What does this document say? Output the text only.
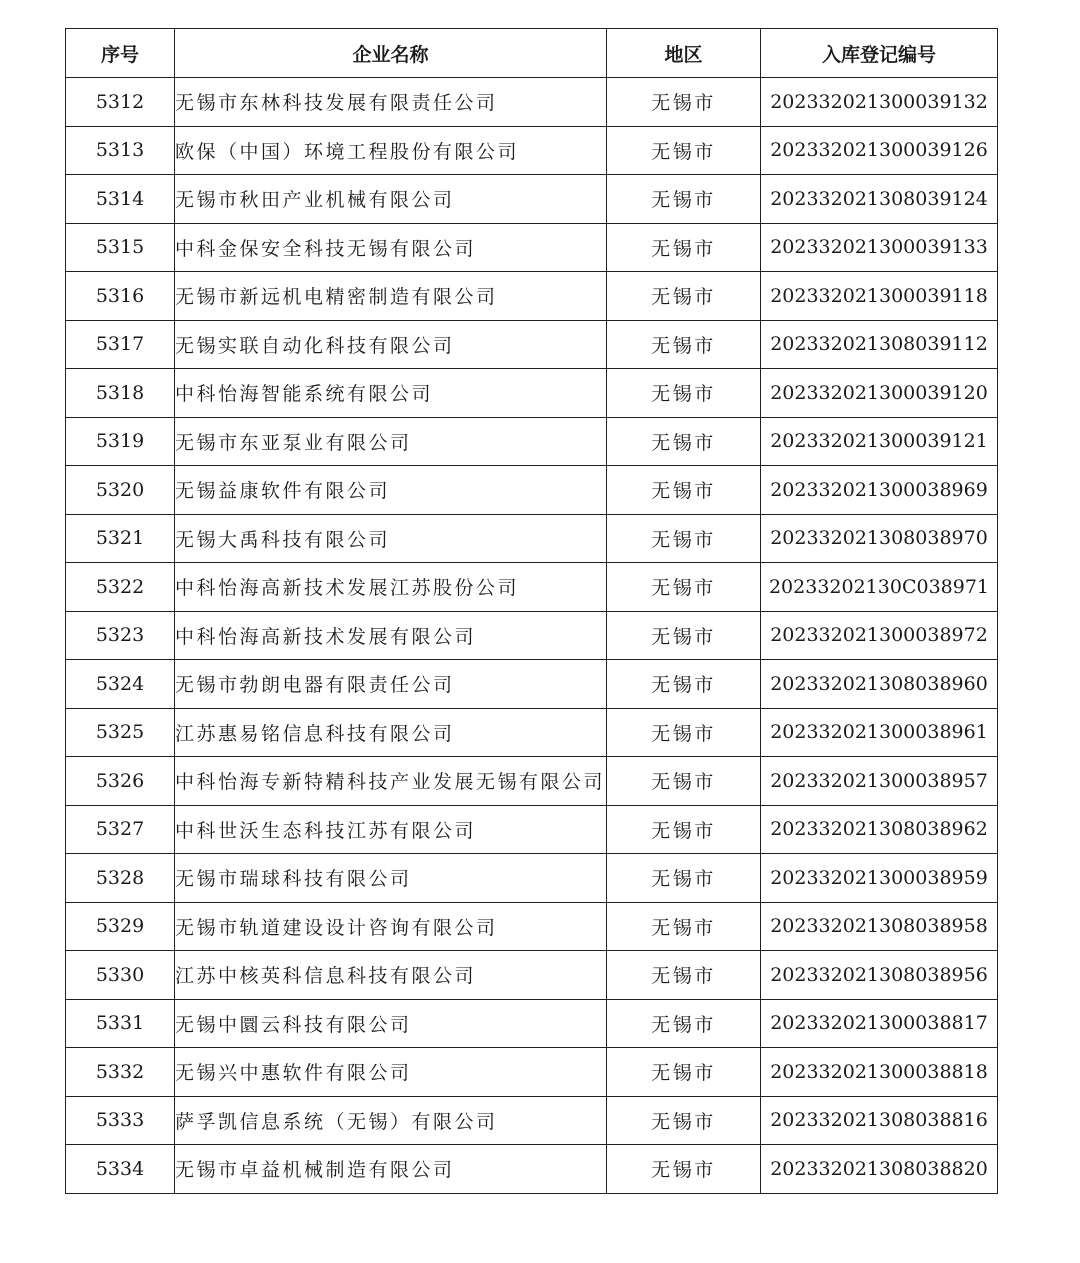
序号	企业名称	地区	入库登记编号
5312	无锡市东林科技发展有限责任公司	无锡市	202332021300039132
5313	欧保（中国）环境工程股份有限公司	无锡市	202332021300039126
5314	无锡市秋田产业机械有限公司	无锡市	202332021308039124
5315	中科金保安全科技无锡有限公司	无锡市	202332021300039133
5316	无锡市新远机电精密制造有限公司	无锡市	202332021300039118
5317	无锡实联自动化科技有限公司	无锡市	202332021308039112
5318	中科怡海智能系统有限公司	无锡市	202332021300039120
5319	无锡市东亚泵业有限公司	无锡市	202332021300039121
5320	无锡益康软件有限公司	无锡市	202332021300038969
5321	无锡大禹科技有限公司	无锡市	202332021308038970
5322	中科怡海高新技术发展江苏股份公司	无锡市	20233202130C038971
5323	中科怡海高新技术发展有限公司	无锡市	202332021300038972
5324	无锡市勃朗电器有限责任公司	无锡市	202332021308038960
5325	江苏惠易铭信息科技有限公司	无锡市	202332021300038961
5326	中科怡海专新特精科技产业发展无锡有限公司	无锡市	202332021300038957
5327	中科世沃生态科技江苏有限公司	无锡市	202332021308038962
5328	无锡市瑞球科技有限公司	无锡市	202332021300038959
5329	无锡市轨道建设设计咨询有限公司	无锡市	202332021308038958
5330	江苏中核英科信息科技有限公司	无锡市	202332021308038956
5331	无锡中圜云科技有限公司	无锡市	202332021300038817
5332	无锡兴中惠软件有限公司	无锡市	202332021300038818
5333	萨孚凯信息系统（无锡）有限公司	无锡市	202332021308038816
5334	无锡市卓益机械制造有限公司	无锡市	202332021308038820
